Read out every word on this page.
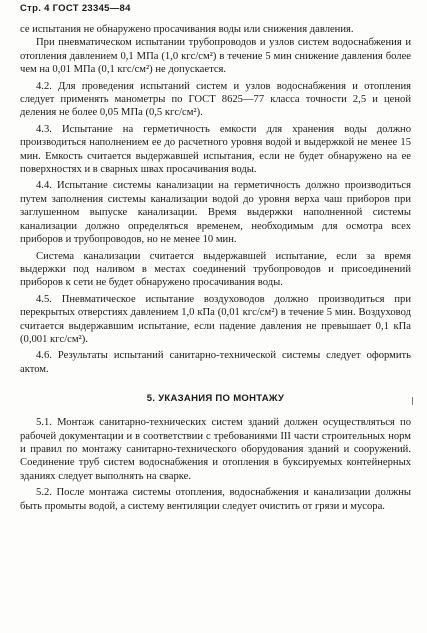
Стр. 4 ГОСТ 23345—84

се испытания не обнаружено просачивания воды или снижения давления.

При пневматическом испытании трубопроводов и узлов систем водоснабжения и отопления давлением 0,1 МПа (1,0 кгс/см²) в течение 5 мин снижение давления более чем на 0,01 МПа (0,1 кгс/см²) не допускается.

4.2. Для проведения испытаний систем и узлов водоснабжения и отопления следует применять манометры по ГОСТ 8625—77 класса точности 2,5 и ценой деления не более 0,05 МПа (0,5 кгс/см²).

4.3. Испытание на герметичность емкости для хранения воды должно производиться наполнением ее до расчетного уровня водой и выдержкой не менее 15 мин. Емкость считается выдержавшей испытания, если не будет обнаружено на ее поверхностях и в сварных швах просачивания воды.

4.4. Испытание системы канализации на герметичность должно производиться путем заполнения системы канализации водой до уровня верха чаш приборов при заглушенном выпуске канализации. Время выдержки наполненной системы канализации должно определяться временем, необходимым для осмотра всех приборов и трубопроводов, но не менее 10 мин.

Система канализации считается выдержавшей испытание, если за время выдержки под наливом в местах соединений трубопроводов и присоединений приборов к сети не будет обнаружено просачивания воды.

4.5. Пневматическое испытание воздуховодов должно производиться при перекрытых отверстиях давлением 1,0 кПа (0,01 кгс/см²) в течение 5 мин. Воздуховод считается выдержавшим испытание, если падение давления не превышает 0,1 кПа (0,001 кгс/см²).

4.6. Результаты испытаний санитарно-технической системы следует оформить актом.

5. УКАЗАНИЯ ПО МОНТАЖУ

5.1. Монтаж санитарно-технических систем зданий должен осуществляться по рабочей документации и в соответствии с требованиями III части строительных норм и правил по монтажу санитарно-технического оборудования зданий и сооружений. Соединение труб систем водоснабжения и отопления в буксируемых контейнерных зданиях следует выполнять на сварке.

5.2. После монтажа системы отопления, водоснабжения и канализации должны быть промыты водой, а систему вентиляции следует очистить от грязи и мусора.
